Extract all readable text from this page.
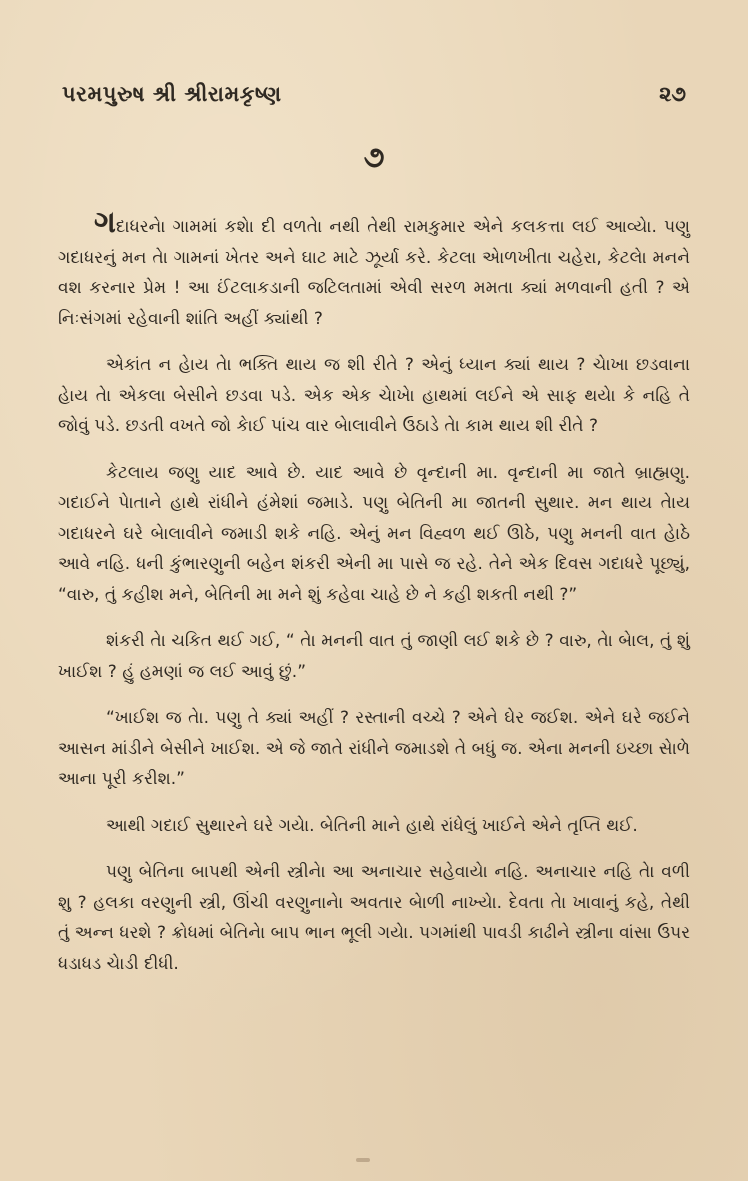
પરમપુરુષ શ્રી શ્રીરામકૃષ્ણ	૨૭
૭

ગદાધરનેા ગામમાં કશેા દી વળતેા નથી તેથી રામકુમાર એને કલકત્તા લઈ આવ્યેા. પણુ ગદાધરનું મન તેા ગામનાં ખેતર અને ઘાટ માટે ઝૂર્યા કરે. કેટલા એાળખીતા ચહેરા, કેટલેા મનને વશ કરનાર પ્રેમ ! આ ઈંટલાકડાની જટિલતામાં એવી સરળ મમતા ક્યાં મળવાની હતી ? એ નિઃસંગમાં રહેવાની શાંતિ અહીં ક્યાંથી ?

એકાંત ન હેાય તેા ભક્તિ થાય જ શી રીતે ? એનું ધ્યાન ક્યાં થાય ? ચેાખા છડવાના હેાય તેા એકલા બેસીને છડવા પડે. એક એક ચેાખેા હાથમાં લઈને એ સાફ થયેા કે નહિ તે જોવું પડે. છડતી વખતે જો કેાઈ પાંચ વાર બેાલાવીને ઉઠાડે તેા કામ થાય શી રીતે ?

કેટલાય જણુ યાદ આવે છે. યાદ આવે છે વૃન્દાની મા. વૃન્દાની મા જાતે બ્રાહ્મણુ. ગદાઈને પેાતાને હાથે રાંધીને હંમેશાં જમાડે. પણુ બેતિની મા જાતની સુથાર. મન થાય તેાય ગદાધરને ઘરે બેાલાવીને જમાડી શકે નહિ. એનું મન વિહ્વળ થઈ ઊઠે, પણુ મનની વાત હેાઠે આવે નહિ. ધની કુંભારણુની બહેન શંકરી એની મા પાસે જ રહે. તેને એક દિવસ ગદાધરે પૂછ્યું, “વારુ, તું કહીશ મને, બેતિની મા મને શું કહેવા ચાહે છે ને કહી શકતી નથી ?”

શંકરી તેા ચકિત થઈ ગઈ, “ તેા મનની વાત તું જાણી લઈ શકે છે ? વારુ, તેા બેાલ, તું શું ખાઈશ ? હું હમણાં જ લઈ આવું છું.”

“ખાઈશ જ તેા. પણુ તે ક્યાં અહીં ? રસ્તાની વચ્ચે ? એને ઘેર જઈશ. એને ઘરે જઈને આસન માંડીને બેસીને ખાઈશ. એ જે જાતે રાંધીને જમાડશે તે બધું જ. એના મનની ઇચ્છા સેાળે આના પૂરી કરીશ.”

આથી ગદાઈ સુથારને ઘરે ગયેા. બેતિની માને હાથે રાંધેલું ખાઈને એને તૃપ્તિ થઈ.

પણુ બેતિના બાપથી એની સ્ત્રીનેા આ અનાચાર સહેવાયેા નહિ. અનાચાર નહિ તેા વળી શુ ? હલકા વરણુની સ્ત્રી, ઊંચી વરણુનાનેા અવતાર બેાળી નાખ્યેા. દેવતા તેા ખાવાનું કહે, તેથી તું અન્ન ધરશે ? ક્રોધમાં બેતિનેા બાપ ભાન ભૂલી ગયેા. પગમાંથી પાવડી કાઢીને સ્ત્રીના વાંસા ઉપર ધડાધડ ચેાડી દીધી.
